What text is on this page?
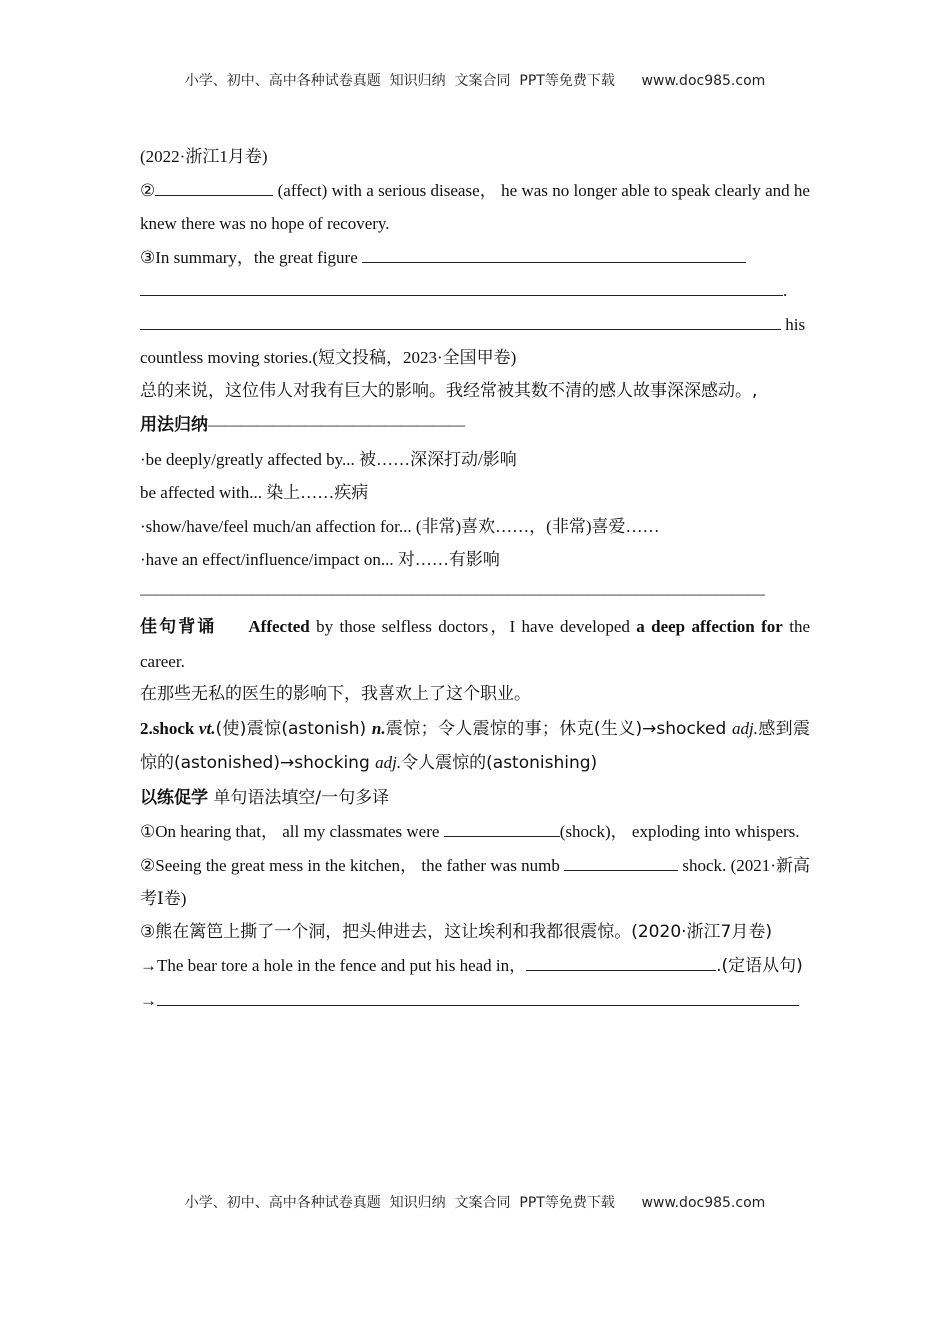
小学、初中、高中各种试卷真题  知识归纳  文案合同  PPT等免费下载      www.doc985.com

(2022·浙江1月卷)

②	(affect) with a serious disease， he was no longer able to speak clearly and he knew there was no hope of recovery.

③In summary，the great figure

.

his

countless moving stories.(短文投稿，2023·全国甲卷)

总的来说，这位伟人对我有巨大的影响。我经常被其数不清的感人故事深深感动。,

用法归纳————————————————

·be deeply/greatly affected by... 被……深深打动/影响

be affected with... 染上……疾病

·show/have/feel much/an affection for... (非常)喜欢……，(非常)喜爱……

·have an effect/influence/impact on... 对……有影响

———————————————————————————————————————

佳句背诵 Affected by those selfless doctors，I have developed a deep affection for the career.

在那些无私的医生的影响下，我喜欢上了这个职业。

2.shock vt.(使)震惊(astonish) n.震惊；令人震惊的事；休克(生义)→shocked adj.感到震惊的(astonished)→shocking adj.令人震惊的(astonishing)

以练促学 单句语法填空/一句多译

①On hearing that， all my classmates were	(shock)， exploding into whispers.

②Seeing the great mess in the kitchen， the father was numb	shock. (2021·新高考Ⅰ卷)

③熊在篱笆上撕了一个洞，把头伸进去，这让埃利和我都很震惊。(2020·浙江7月卷)

→The bear tore a hole in the fence and put his head in，	.(定语从句)

→

小学、初中、高中各种试卷真题  知识归纳  文案合同  PPT等免费下载      www.doc985.com
